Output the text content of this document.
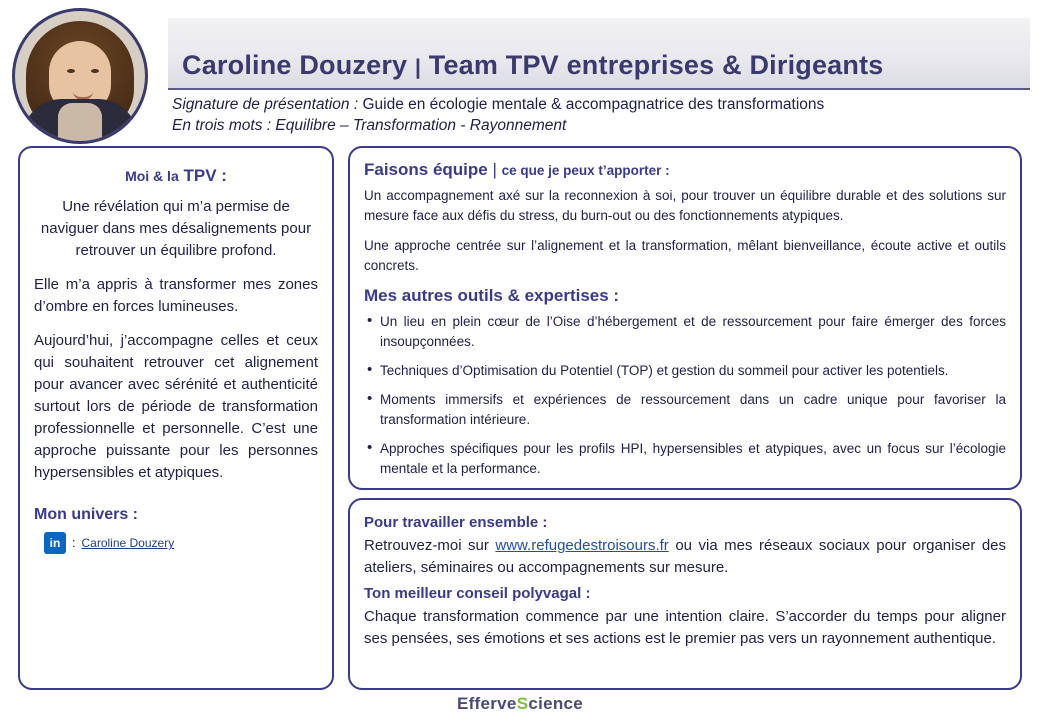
Caroline Douzery | Team TPV entreprises & Dirigeants
Signature de présentation : Guide en écologie mentale & accompagnatrice des transformations
En trois mots : Equilibre – Transformation - Rayonnement
Moi & la TPV :

Une révélation qui m’a permise de naviguer dans mes désalignements pour retrouver un équilibre profond.

Elle m’a appris à transformer mes zones d’ombre en forces lumineuses.

Aujourd’hui, j’accompagne celles et ceux qui souhaitent retrouver cet alignement pour avancer avec sérénité et authenticité surtout lors de période de transformation professionnelle et personnelle. C’est une approche puissante pour les personnes hypersensibles et atypiques.

Mon univers :
in : Caroline Douzery
Faisons équipe | ce que je peux t’apporter :

Un accompagnement axé sur la reconnexion à soi, pour trouver un équilibre durable et des solutions sur mesure face aux défis du stress, du burn-out ou des fonctionnements atypiques.

Une approche centrée sur l’alignement et la transformation, mêlant bienveillance, écoute active et outils concrets.

Mes autres outils & expertises :
• Un lieu en plein cœur de l’Oise d’hébergement et de ressourcement pour faire émerger des forces insoupçonnées.
• Techniques d’Optimisation du Potentiel (TOP) et gestion du sommeil pour activer les potentiels.
• Moments immersifs et expériences de ressourcement dans un cadre unique pour favoriser la transformation intérieure.
• Approches spécifiques pour les profils HPI, hypersensibles et atypiques, avec un focus sur l’écologie mentale et la performance.
Pour travailler ensemble :

Retrouvez-moi sur www.refugedestroisours.fr ou via mes réseaux sociaux pour organiser des ateliers, séminaires ou accompagnements sur mesure.

Ton meilleur conseil polyvagal :

Chaque transformation commence par une intention claire. S’accorder du temps pour aligner ses pensées, ses émotions et ses actions est le premier pas vers un rayonnement authentique.

EfferveScience
